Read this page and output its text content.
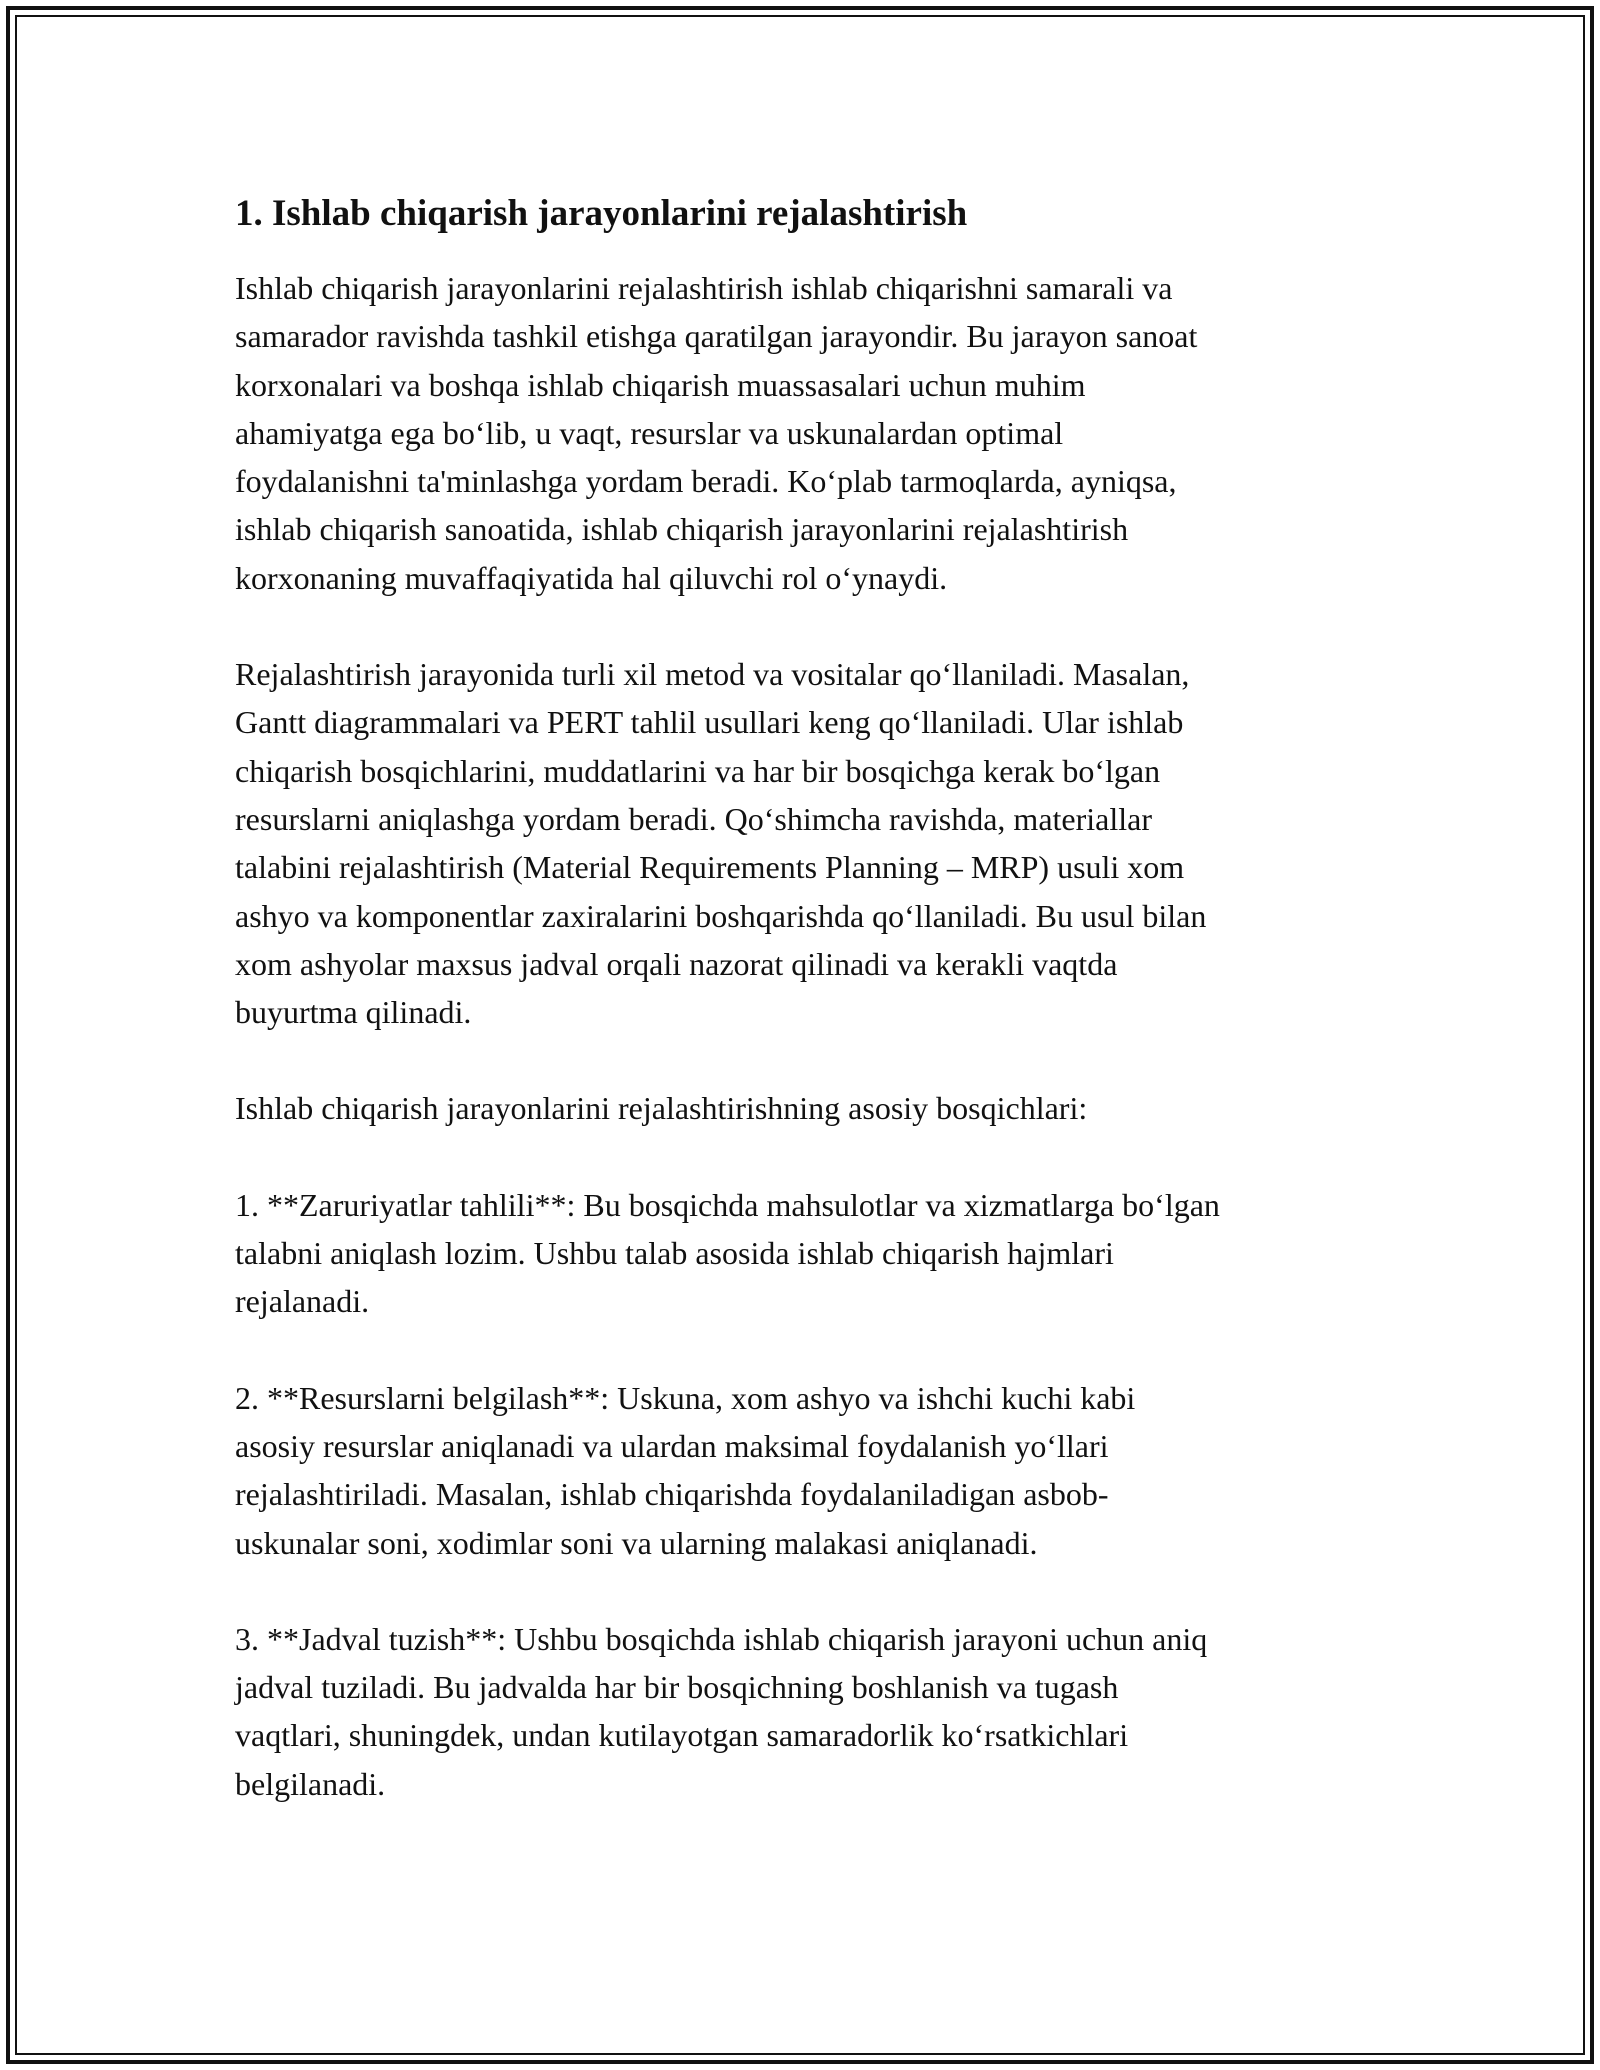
1. Ishlab chiqarish jarayonlarini rejalashtirish

Ishlab chiqarish jarayonlarini rejalashtirish ishlab chiqarishni samarali va
samarador ravishda tashkil etishga qaratilgan jarayondir. Bu jarayon sanoat
korxonalari va boshqa ishlab chiqarish muassasalari uchun muhim
ahamiyatga ega bo‘lib, u vaqt, resurslar va uskunalardan optimal
foydalanishni ta'minlashga yordam beradi. Ko‘plab tarmoqlarda, ayniqsa,
ishlab chiqarish sanoatida, ishlab chiqarish jarayonlarini rejalashtirish
korxonaning muvaffaqiyatida hal qiluvchi rol o‘ynaydi.

Rejalashtirish jarayonida turli xil metod va vositalar qo‘llaniladi. Masalan,
Gantt diagrammalari va PERT tahlil usullari keng qo‘llaniladi. Ular ishlab
chiqarish bosqichlarini, muddatlarini va har bir bosqichga kerak bo‘lgan
resurslarni aniqlashga yordam beradi. Qo‘shimcha ravishda, materiallar
talabini rejalashtirish (Material Requirements Planning – MRP) usuli xom
ashyo va komponentlar zaxiralarini boshqarishda qo‘llaniladi. Bu usul bilan
xom ashyolar maxsus jadval orqali nazorat qilinadi va kerakli vaqtda
buyurtma qilinadi.

Ishlab chiqarish jarayonlarini rejalashtirishning asosiy bosqichlari:

1. **Zaruriyatlar tahlili**: Bu bosqichda mahsulotlar va xizmatlarga bo‘lgan
talabni aniqlash lozim. Ushbu talab asosida ishlab chiqarish hajmlari
rejalanadi.

2. **Resurslarni belgilash**: Uskuna, xom ashyo va ishchi kuchi kabi
asosiy resurslar aniqlanadi va ulardan maksimal foydalanish yo‘llari
rejalashtiriladi. Masalan, ishlab chiqarishda foydalaniladigan asbob-
uskunalar soni, xodimlar soni va ularning malakasi aniqlanadi.

3. **Jadval tuzish**: Ushbu bosqichda ishlab chiqarish jarayoni uchun aniq
jadval tuziladi. Bu jadvalda har bir bosqichning boshlanish va tugash
vaqtlari, shuningdek, undan kutilayotgan samaradorlik ko‘rsatkichlari
belgilanadi.
